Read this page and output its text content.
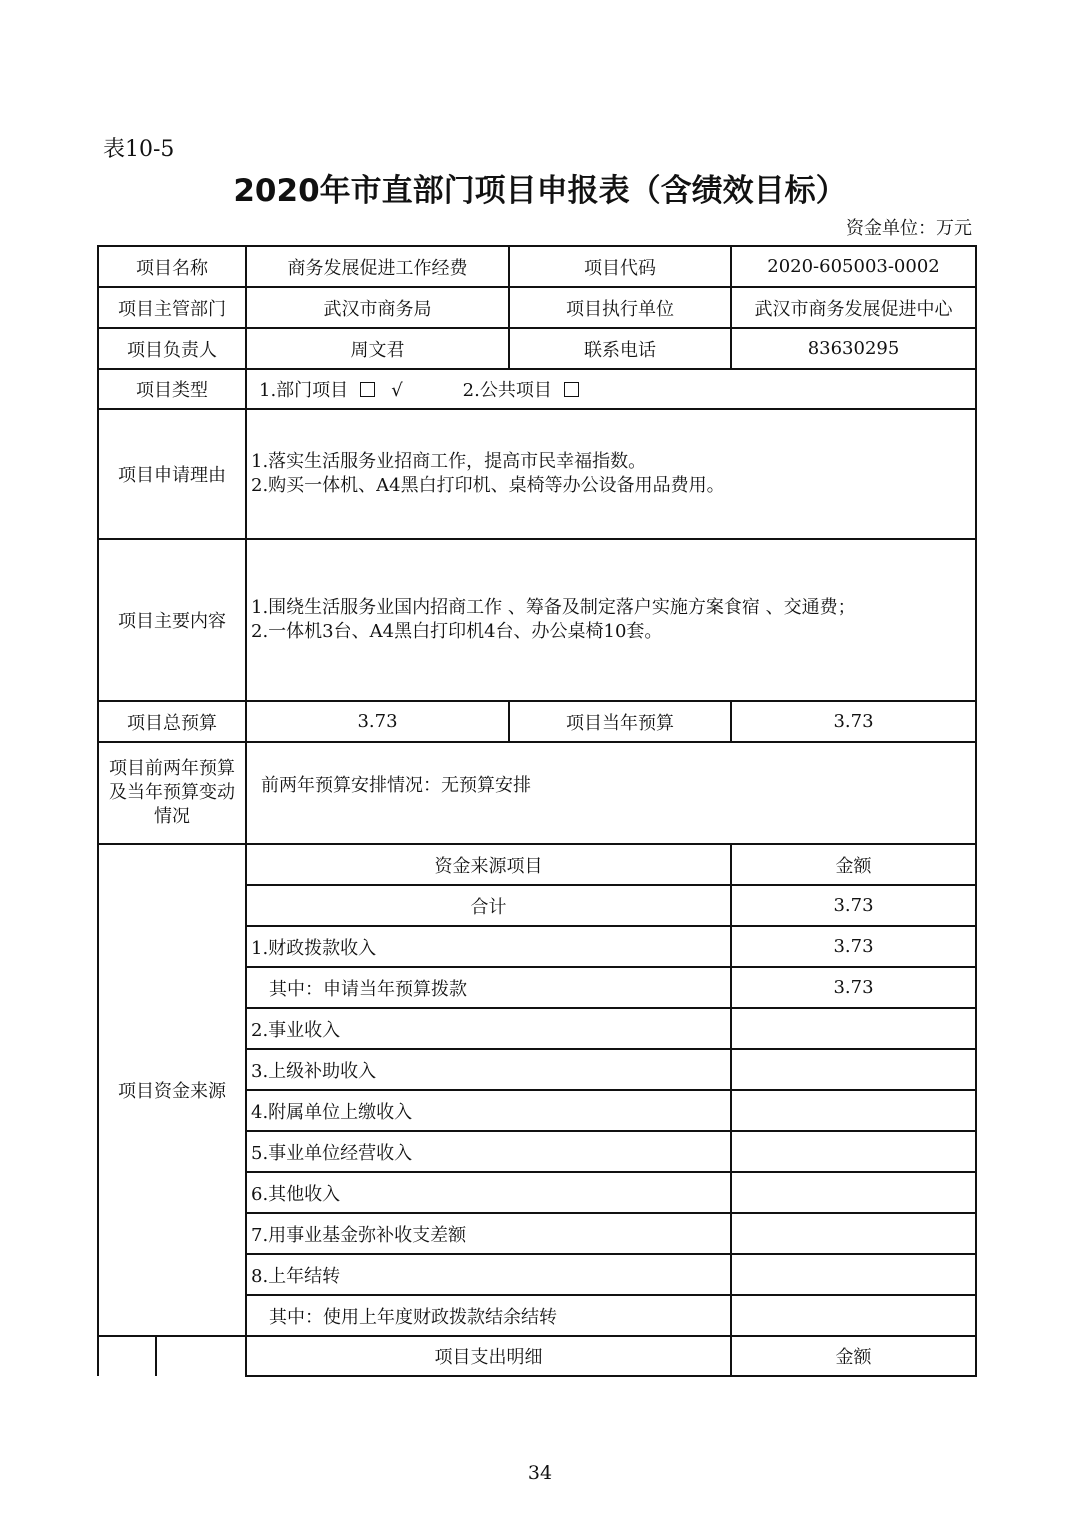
表10-5
2020年市直部门项目申报表（含绩效目标）
资金单位：万元
项目名称		商务发展促进工作经费	项目代码	2020-605003-0002
项目主管部门		武汉市商务局	项目执行单位	武汉市商务发展促进中心
项目负责人		周文君	联系电话	83630295
项目类型		1.部门项目 √ 2.公共项目		
项目申请理由		1.落实生活服务业招商工作，提高市民幸福指数。
2.购买一体机、A4黑白打印机、桌椅等办公设备用品费用。		

项目主要内容		1.围绕生活服务业国内招商工作 、筹备及制定落户实施方案食宿 、交通费；
2.一体机3台、A4黑白打印机4台、办公桌椅10套。		

项目总预算		3.73	项目当年预算	3.73

项目前两年预算
及当年预算变动
情况		前两年预算安排情况：无预算安排		
项目资金来源		资金来源项目		金额
		合计		3.73
		1.财政拨款收入		3.73
		其中：申请当年预算拨款		3.73
		2.事业收入		
		3.上级补助收入		
		4.附属单位上缴收入		
		5.事业单位经营收入		
		6.其他收入		
		7.用事业基金弥补收支差额		
		8.上年结转		
		其中：使用上年度财政拨款结余结转		
		项目支出明细		金额
34
